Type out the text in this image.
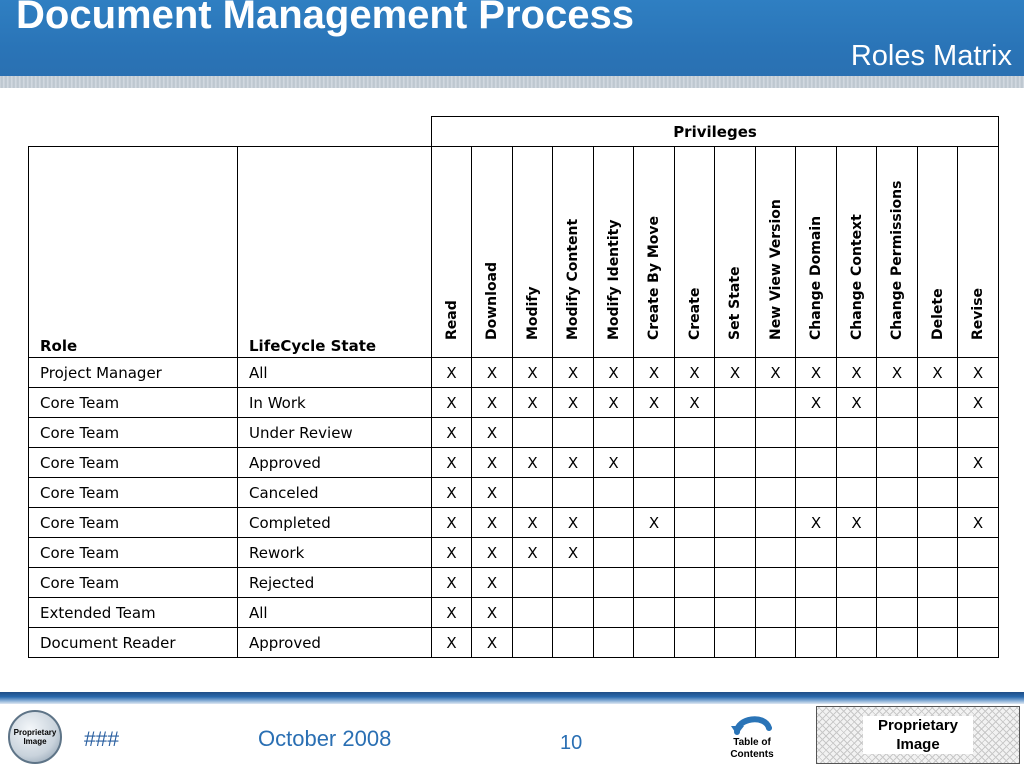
Document Management Process
Roles Matrix
		Privileges													
Role	LifeCycle State	Read	Download	Modify	Modify Content	Modify Identity	Create By Move	Create	Set State	New View Version	Change Domain	Change Context	Change Permissions	Delete	Revise

Project Manager	All	X	X	X	X	X	X	X	X	X	X	X	X	X	X
Core Team	In Work	X	X	X	X	X	X	X			X	X			X
Core Team	Under Review	X	X												
Core Team	Approved	X	X	X	X	X									X
Core Team	Canceled	X	X												
Core Team	Completed	X	X	X	X		X				X	X			X
Core Team	Rework	X	X	X	X										
Core Team	Rejected	X	X												
Extended Team	All	X	X												
Document Reader	Approved	X	X												
Proprietary Image	###	October 2008	10	Table of Contents
Proprietary Image
